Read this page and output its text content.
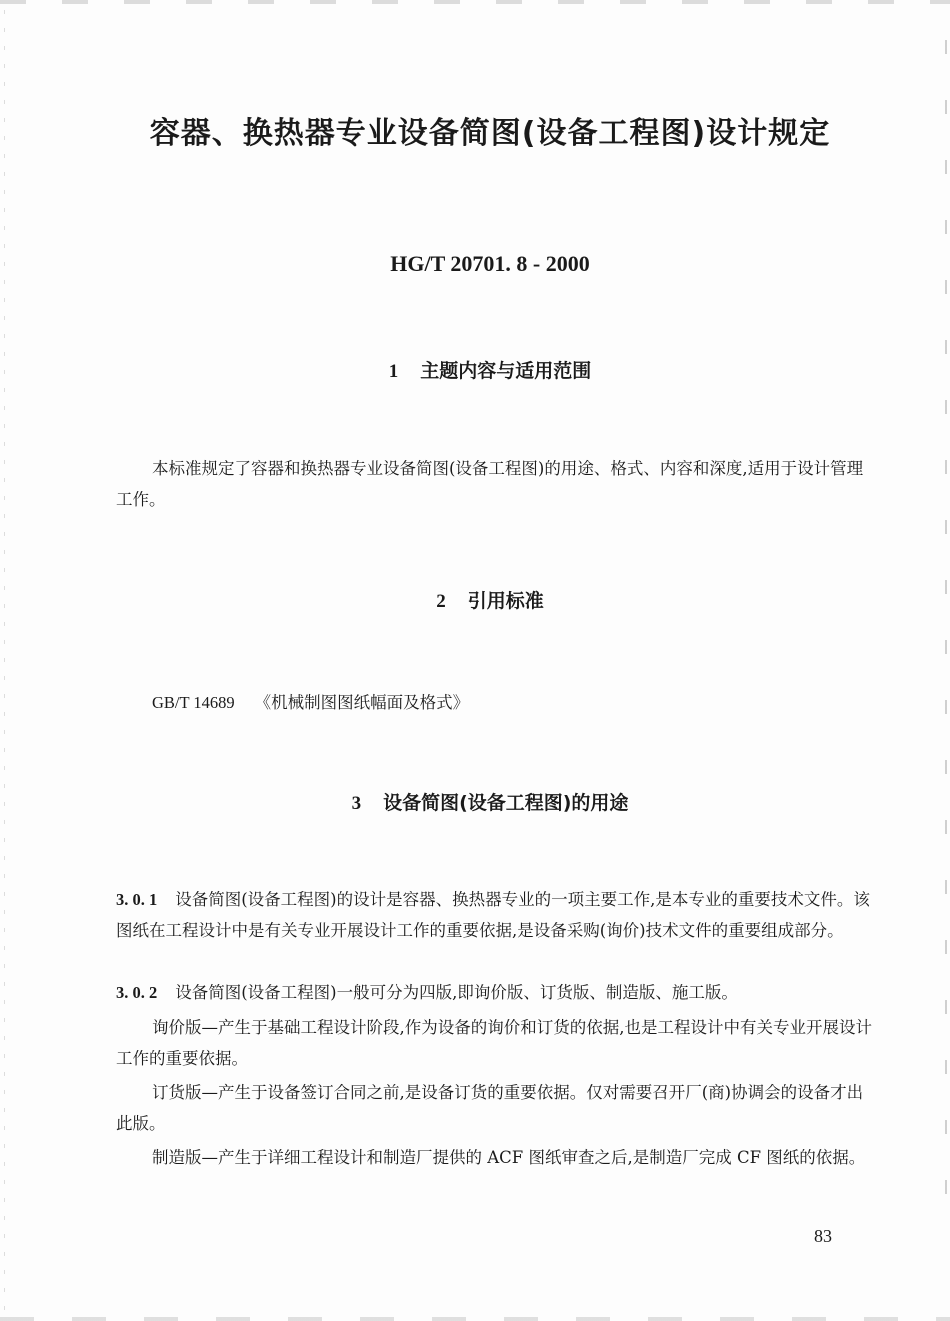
容器、换热器专业设备简图(设备工程图)设计规定
HG/T 20701. 8 - 2000
1 主题内容与适用范围
本标准规定了容器和换热器专业设备简图(设备工程图)的用途、格式、内容和深度,适用于设计管理工作。
2 引用标准
GB/T 14689 《机械制图图纸幅面及格式》
3 设备简图(设备工程图)的用途
3. 0. 1 设备简图(设备工程图)的设计是容器、换热器专业的一项主要工作,是本专业的重要技术文件。该图纸在工程设计中是有关专业开展设计工作的重要依据,是设备采购(询价)技术文件的重要组成部分。
3. 0. 2 设备简图(设备工程图)一般可分为四版,即询价版、订货版、制造版、施工版。
询价版—产生于基础工程设计阶段,作为设备的询价和订货的依据,也是工程设计中有关专业开展设计工作的重要依据。
订货版—产生于设备签订合同之前,是设备订货的重要依据。仅对需要召开厂(商)协调会的设备才出此版。
制造版—产生于详细工程设计和制造厂提供的 ACF 图纸审查之后,是制造厂完成 CF 图纸的依据。
83
